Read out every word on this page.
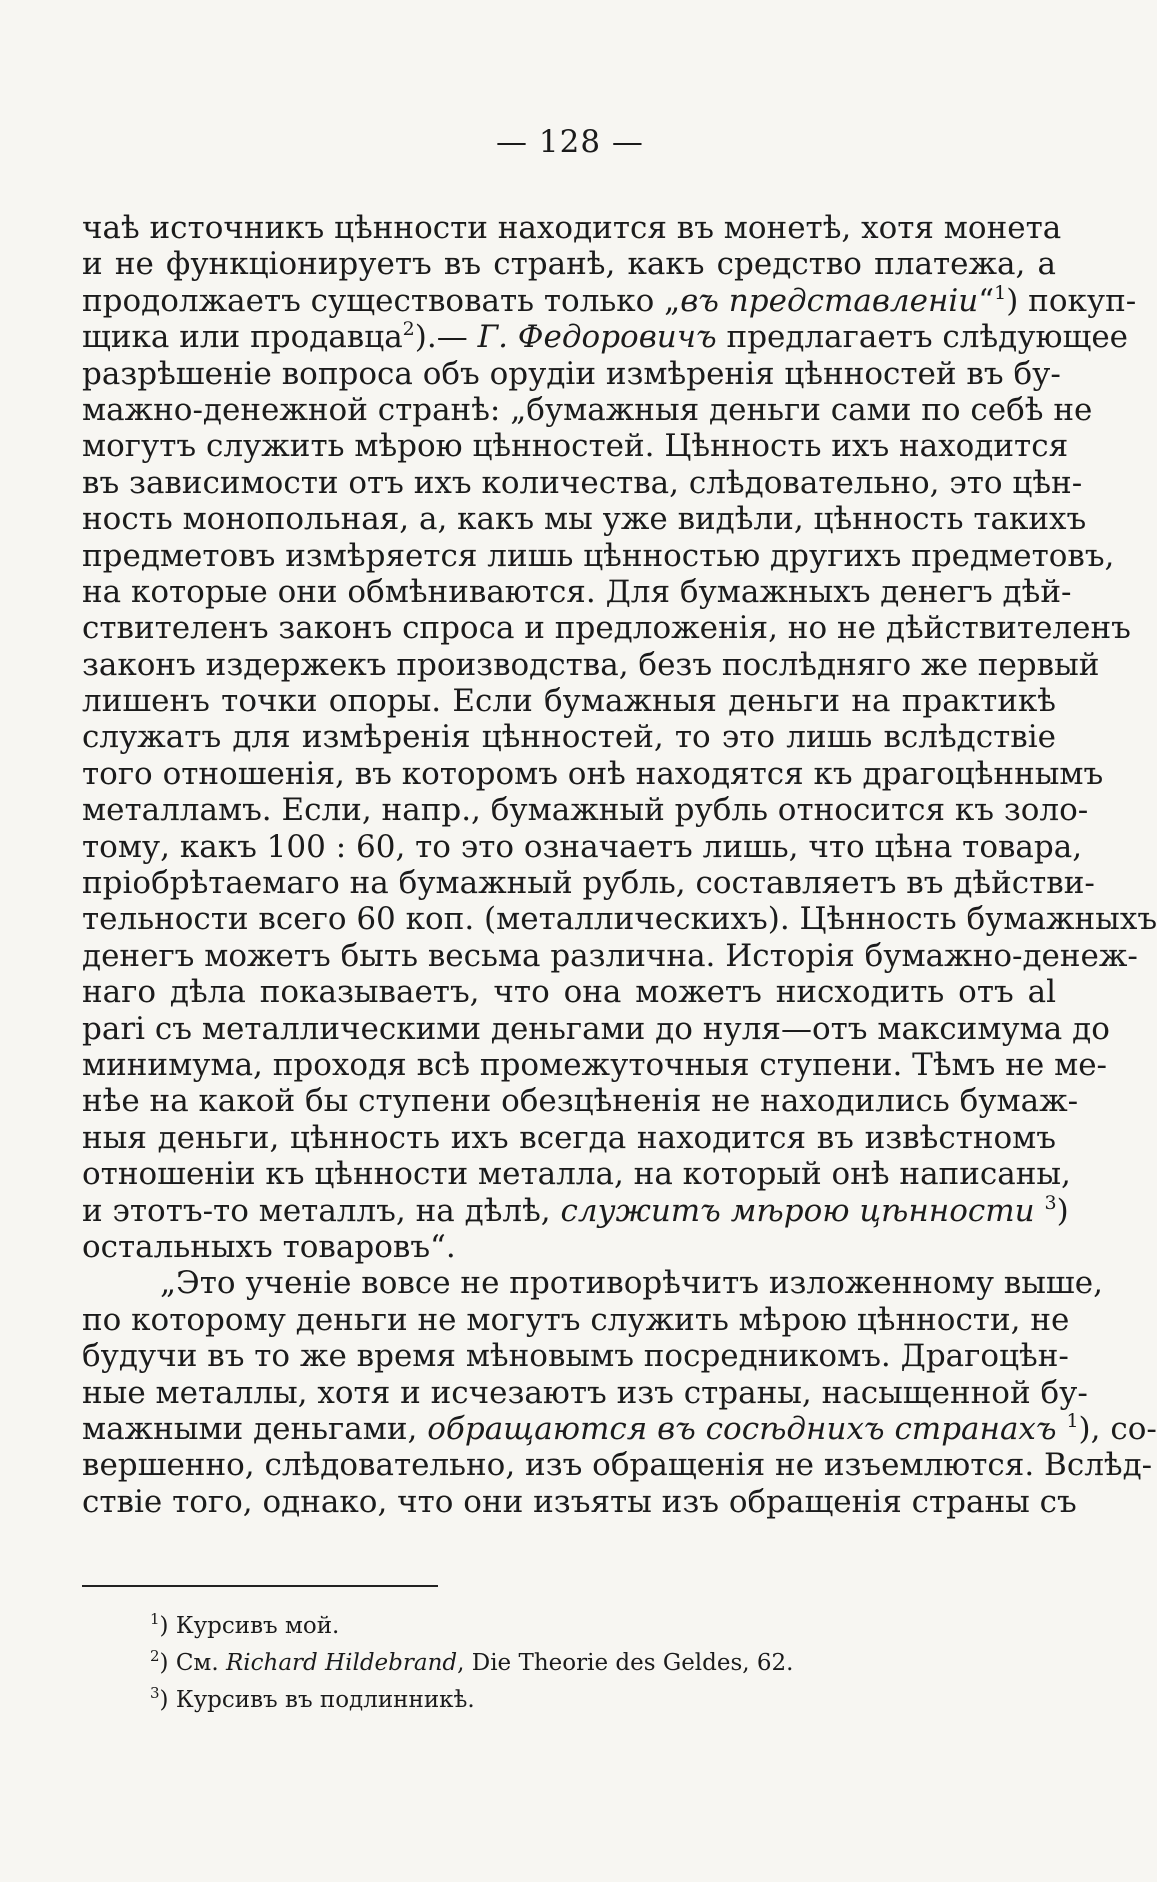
— 128 —

чаѣ источникъ цѣнности находится въ монетѣ, хотя монета
и не функціонируетъ въ странѣ, какъ средство платежа, а
продолжаетъ существовать только „въ представленіи“$^1$) покуп-
щика или продавца$^2$).— Г. Федоровичъ предлагаетъ слѣдующее
разрѣшеніе вопроса объ орудіи измѣренія цѣнностей въ бу-
мажно-денежной странѣ: „бумажныя деньги сами по себѣ не
могутъ служить мѣрою цѣнностей. Цѣнность ихъ находится
въ зависимости отъ ихъ количества, слѣдовательно, это цѣн-
ность монопольная, а, какъ мы уже видѣли, цѣнность такихъ
предметовъ измѣряется лишь цѣнностью другихъ предметовъ,
на которые они обмѣниваются. Для бумажныхъ денегъ дѣй-
ствителенъ законъ спроса и предложенія, но не дѣйствителенъ
законъ издержекъ производства, безъ послѣдняго же первый
лишенъ точки опоры. Если бумажныя деньги на практикѣ
служатъ для измѣренія цѣнностей, то это лишь вслѣдствіе
того отношенія, въ которомъ онѣ находятся къ драгоцѣннымъ
металламъ. Если, напр., бумажный рубль относится къ золо-
тому, какъ 100 : 60, то это означаетъ лишь, что цѣна товара,
пріобрѣтаемаго на бумажный рубль, составляетъ въ дѣйстви-
тельности всего 60 коп. (металлическихъ). Цѣнность бумажныхъ
денегъ можетъ быть весьма различна. Исторія бумажно-денеж-
наго дѣла показываетъ, что она можетъ нисходить отъ al
pari съ металлическими деньгами до нуля—отъ максимума до
минимума, проходя всѣ промежуточныя ступени. Тѣмъ не ме-
нѣе на какой бы ступени обезцѣненія не находились бумаж-
ныя деньги, цѣнность ихъ всегда находится въ извѣстномъ
отношеніи къ цѣнности металла, на который онѣ написаны,
и этотъ-то металлъ, на дѣлѣ, служитъ мѣрою цѣнности $^3$)
остальныхъ товаровъ“.
„Это ученіе вовсе не противорѣчитъ изложенному выше,
по которому деньги не могутъ служить мѣрою цѣнности, не
будучи въ то же время мѣновымъ посредникомъ. Драгоцѣн-
ные металлы, хотя и исчезаютъ изъ страны, насыщенной бу-
мажными деньгами, обращаются въ сосѣднихъ странахъ $^1$), со-
вершенно, слѣдовательно, изъ обращенія не изъемлются. Вслѣд-
ствіе того, однако, что они изъяты изъ обращенія страны съ
$^1$) Курсивъ мой.
$^2$) См. Richard Hildebrand, Die Theorie des Geldes, 62.
$^3$) Курсивъ въ подлинникѣ.
